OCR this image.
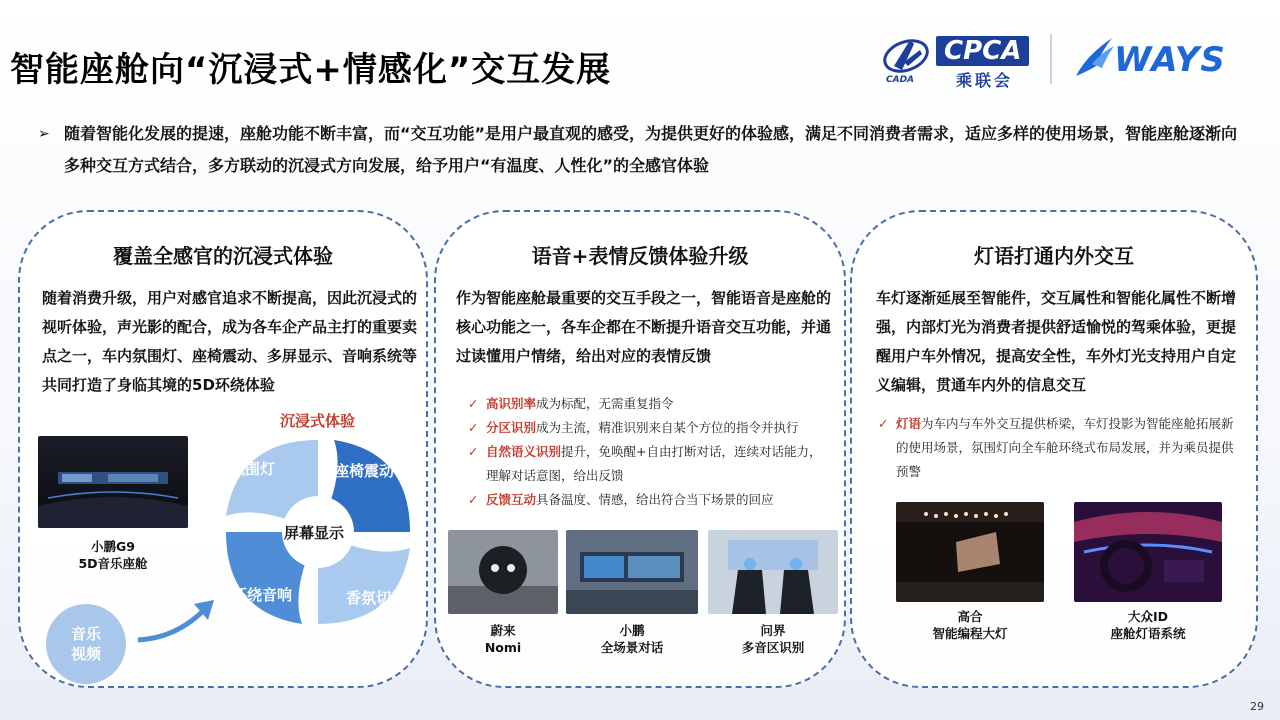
智能座舱向“沉浸式+情感化”交互发展	CADA
CPCA
乘联会
WAYS
➢ 随着智能化发展的提速，座舱功能不断丰富，而“交互功能”是用户最直观的感受，为提供更好的体验感，满足不同消费者需求，适应多样的使用场景，智能座舱逐渐向多种交互方式结合，多方联动的沉浸式方向发展，给予用户“有温度、人性化”的全感官体验
覆盖全感官的沉浸式体验
随着消费升级，用户对感官追求不断提高，因此沉浸式的视听体验，声光影的配合，成为各车企产品主打的重要卖点之一，车内氛围灯、座椅震动、多屏显示、音响系统等共同打造了身临其境的5D环绕体验
小鹏G9
5D音乐座舱
沉浸式体验
氛围灯	座椅震动
屏幕显示
环绕音响	香氛切换
音乐
视频
语音+表情反馈体验升级
作为智能座舱最重要的交互手段之一，智能语音是座舱的核心功能之一，各车企都在不断提升语音交互功能，并通过读懂用户情绪，给出对应的表情反馈
✓ 高识别率成为标配，无需重复指令
✓ 分区识别成为主流，精准识别来自某个方位的指令并执行
✓ 自然语义识别提升，免唤醒+自由打断对话，连续对话能力，理解对话意图，给出反馈
✓ 反馈互动具备温度、情感，给出符合当下场景的回应
蔚来
Nomi
小鹏
全场景对话
问界
多音区识别
灯语打通内外交互
车灯逐渐延展至智能件，交互属性和智能化属性不断增强，内部灯光为消费者提供舒适愉悦的驾乘体验，更提醒用户车外情况，提高安全性，车外灯光支持用户自定义编辑，贯通车内外的信息交互
✓ 灯语为车内与车外交互提供桥梁，车灯投影为智能座舱拓展新的使用场景，氛围灯向全车舱环绕式布局发展，并为乘员提供预警
高合
智能编程大灯
大众ID
座舱灯语系统
29
